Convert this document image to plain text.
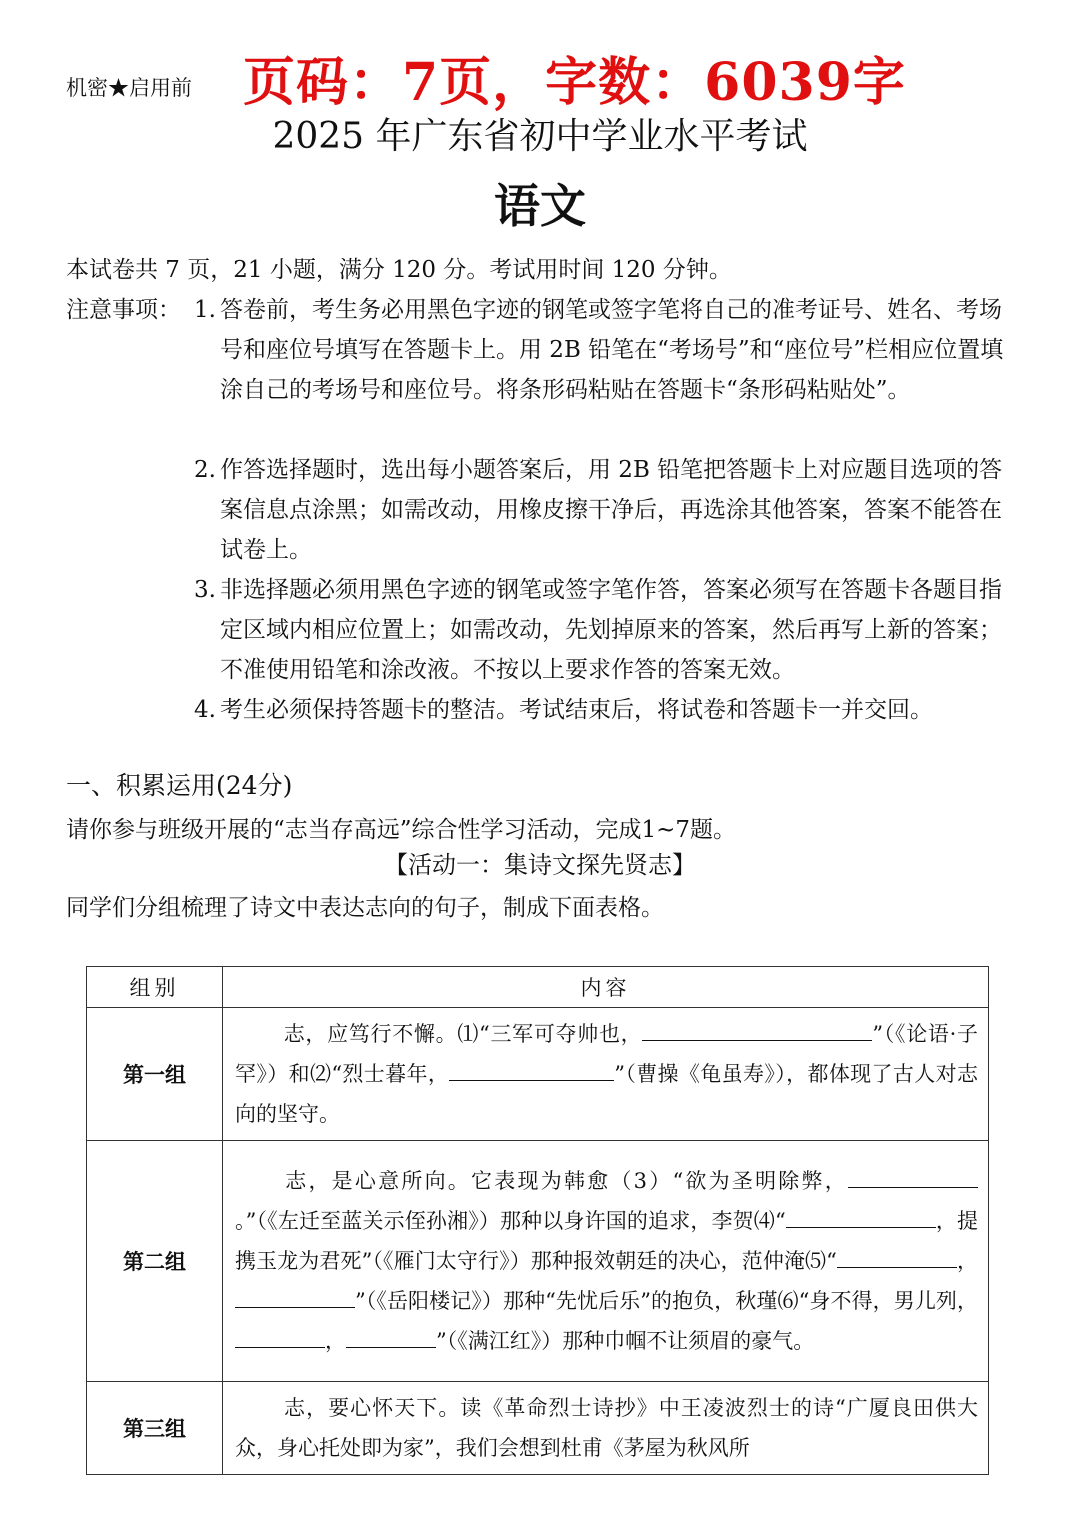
机密★启用前 页码：7页，字数：6039字
2025 年广东省初中学业水平考试
语文
本试卷共 7 页，21 小题，满分 120 分。考试用时间 120 分钟。
注意事项： 1. 答卷前，考生务必用黑色字迹的钢笔或签字笔将自己的准考证号、姓名、考场号和座位号填写在答题卡上。用 2B 铅笔在“考场号”和“座位号”栏相应位置填涂自己的考场号和座位号。将条形码粘贴在答题卡“条形码粘贴处”。
2. 作答选择题时，选出每小题答案后，用 2B 铅笔把答题卡上对应题目选项的答案信息点涂黑；如需改动，用橡皮擦干净后，再选涂其他答案，答案不能答在试卷上。
3. 非选择题必须用黑色字迹的钢笔或签字笔作答，答案必须写在答题卡各题目指定区域内相应位置上；如需改动，先划掉原来的答案，然后再写上新的答案；不准使用铅笔和涂改液。不按以上要求作答的答案无效。
4. 考生必须保持答题卡的整洁。考试结束后，将试卷和答题卡一并交回。
一、积累运用(24分)
请你参与班级开展的“志当存高远”综合性学习活动，完成1~7题。
【活动一：集诗文探先贤志】
同学们分组梳理了诗文中表达志向的句子，制成下面表格。
组别	内容
第一组	志，应笃行不懈。⑴“三军可夺帅也， ”（《论语·子罕》）和⑵“烈士暮年， ”（曹操《龟虽寿》），都体现了古人对志向的坚守。
第二组	志，是心意所向。它表现为韩愈（3）“欲为圣明除弊，。”（《左迁至蓝关示侄孙湘》）那种以身许国的追求，李贺⑷“ ，提携玉龙为君死”（《雁门太守行》）那种报效朝廷的决心，范仲淹⑸“ ，”（《岳阳楼记》）那种“先忧后乐”的抱负，秋瑾⑹“身不得，男儿列，， ”（《满江红》）那种巾帼不让须眉的豪气。
第三组	志，要心怀天下。读《革命烈士诗抄》中王凌波烈士的诗“广厦良田供大众，身心托处即为家”，我们会想到杜甫《茅屋为秋风所
